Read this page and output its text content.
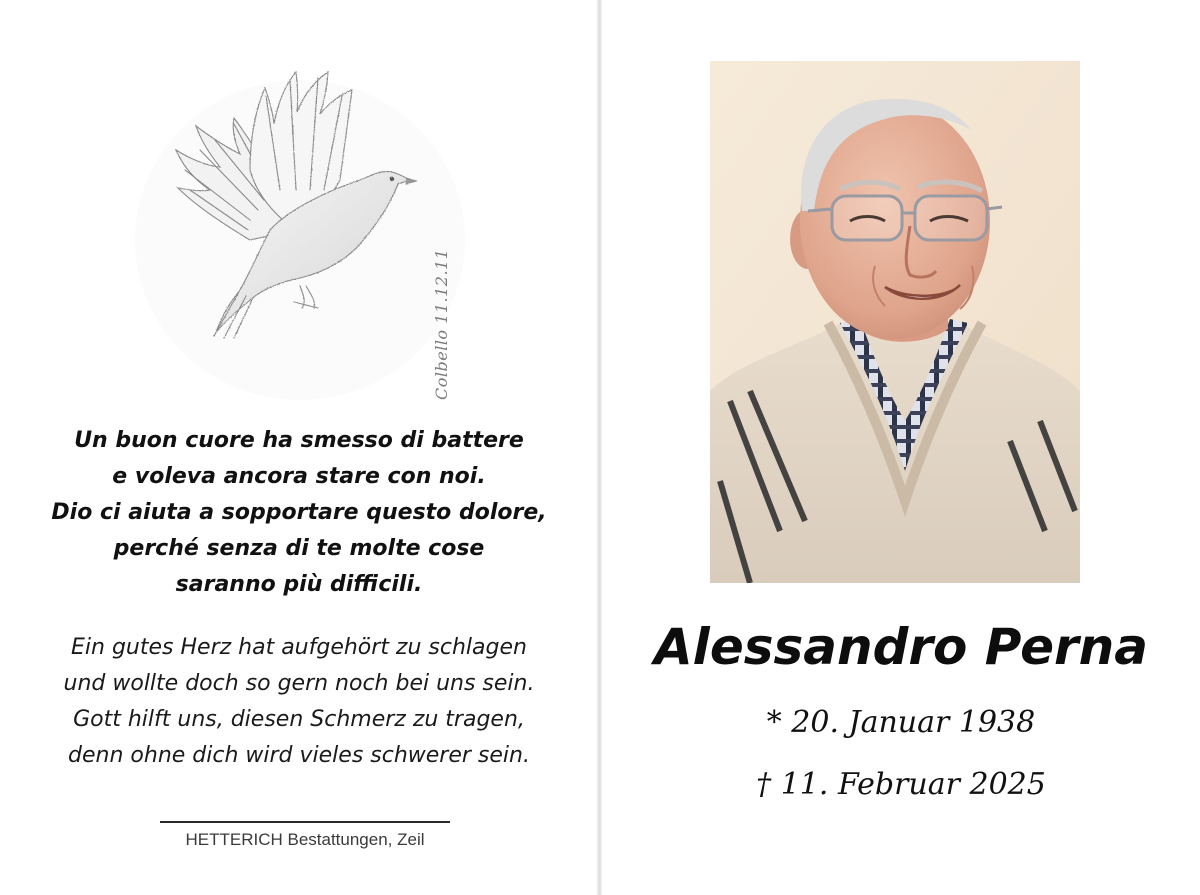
Colbello 11.12.11
Un buon cuore ha smesso di battere
e voleva ancora stare con noi.
Dio ci aiuta a sopportare questo dolore,
perché senza di te molte cose
saranno più difficili.
Ein gutes Herz hat aufgehört zu schlagen
und wollte doch so gern noch bei uns sein.
Gott hilft uns, diesen Schmerz zu tragen,
denn ohne dich wird vieles schwerer sein.
HETTERICH Bestattungen, Zeil
Alessandro Perna
* 20. Januar 1938
† 11. Februar 2025
